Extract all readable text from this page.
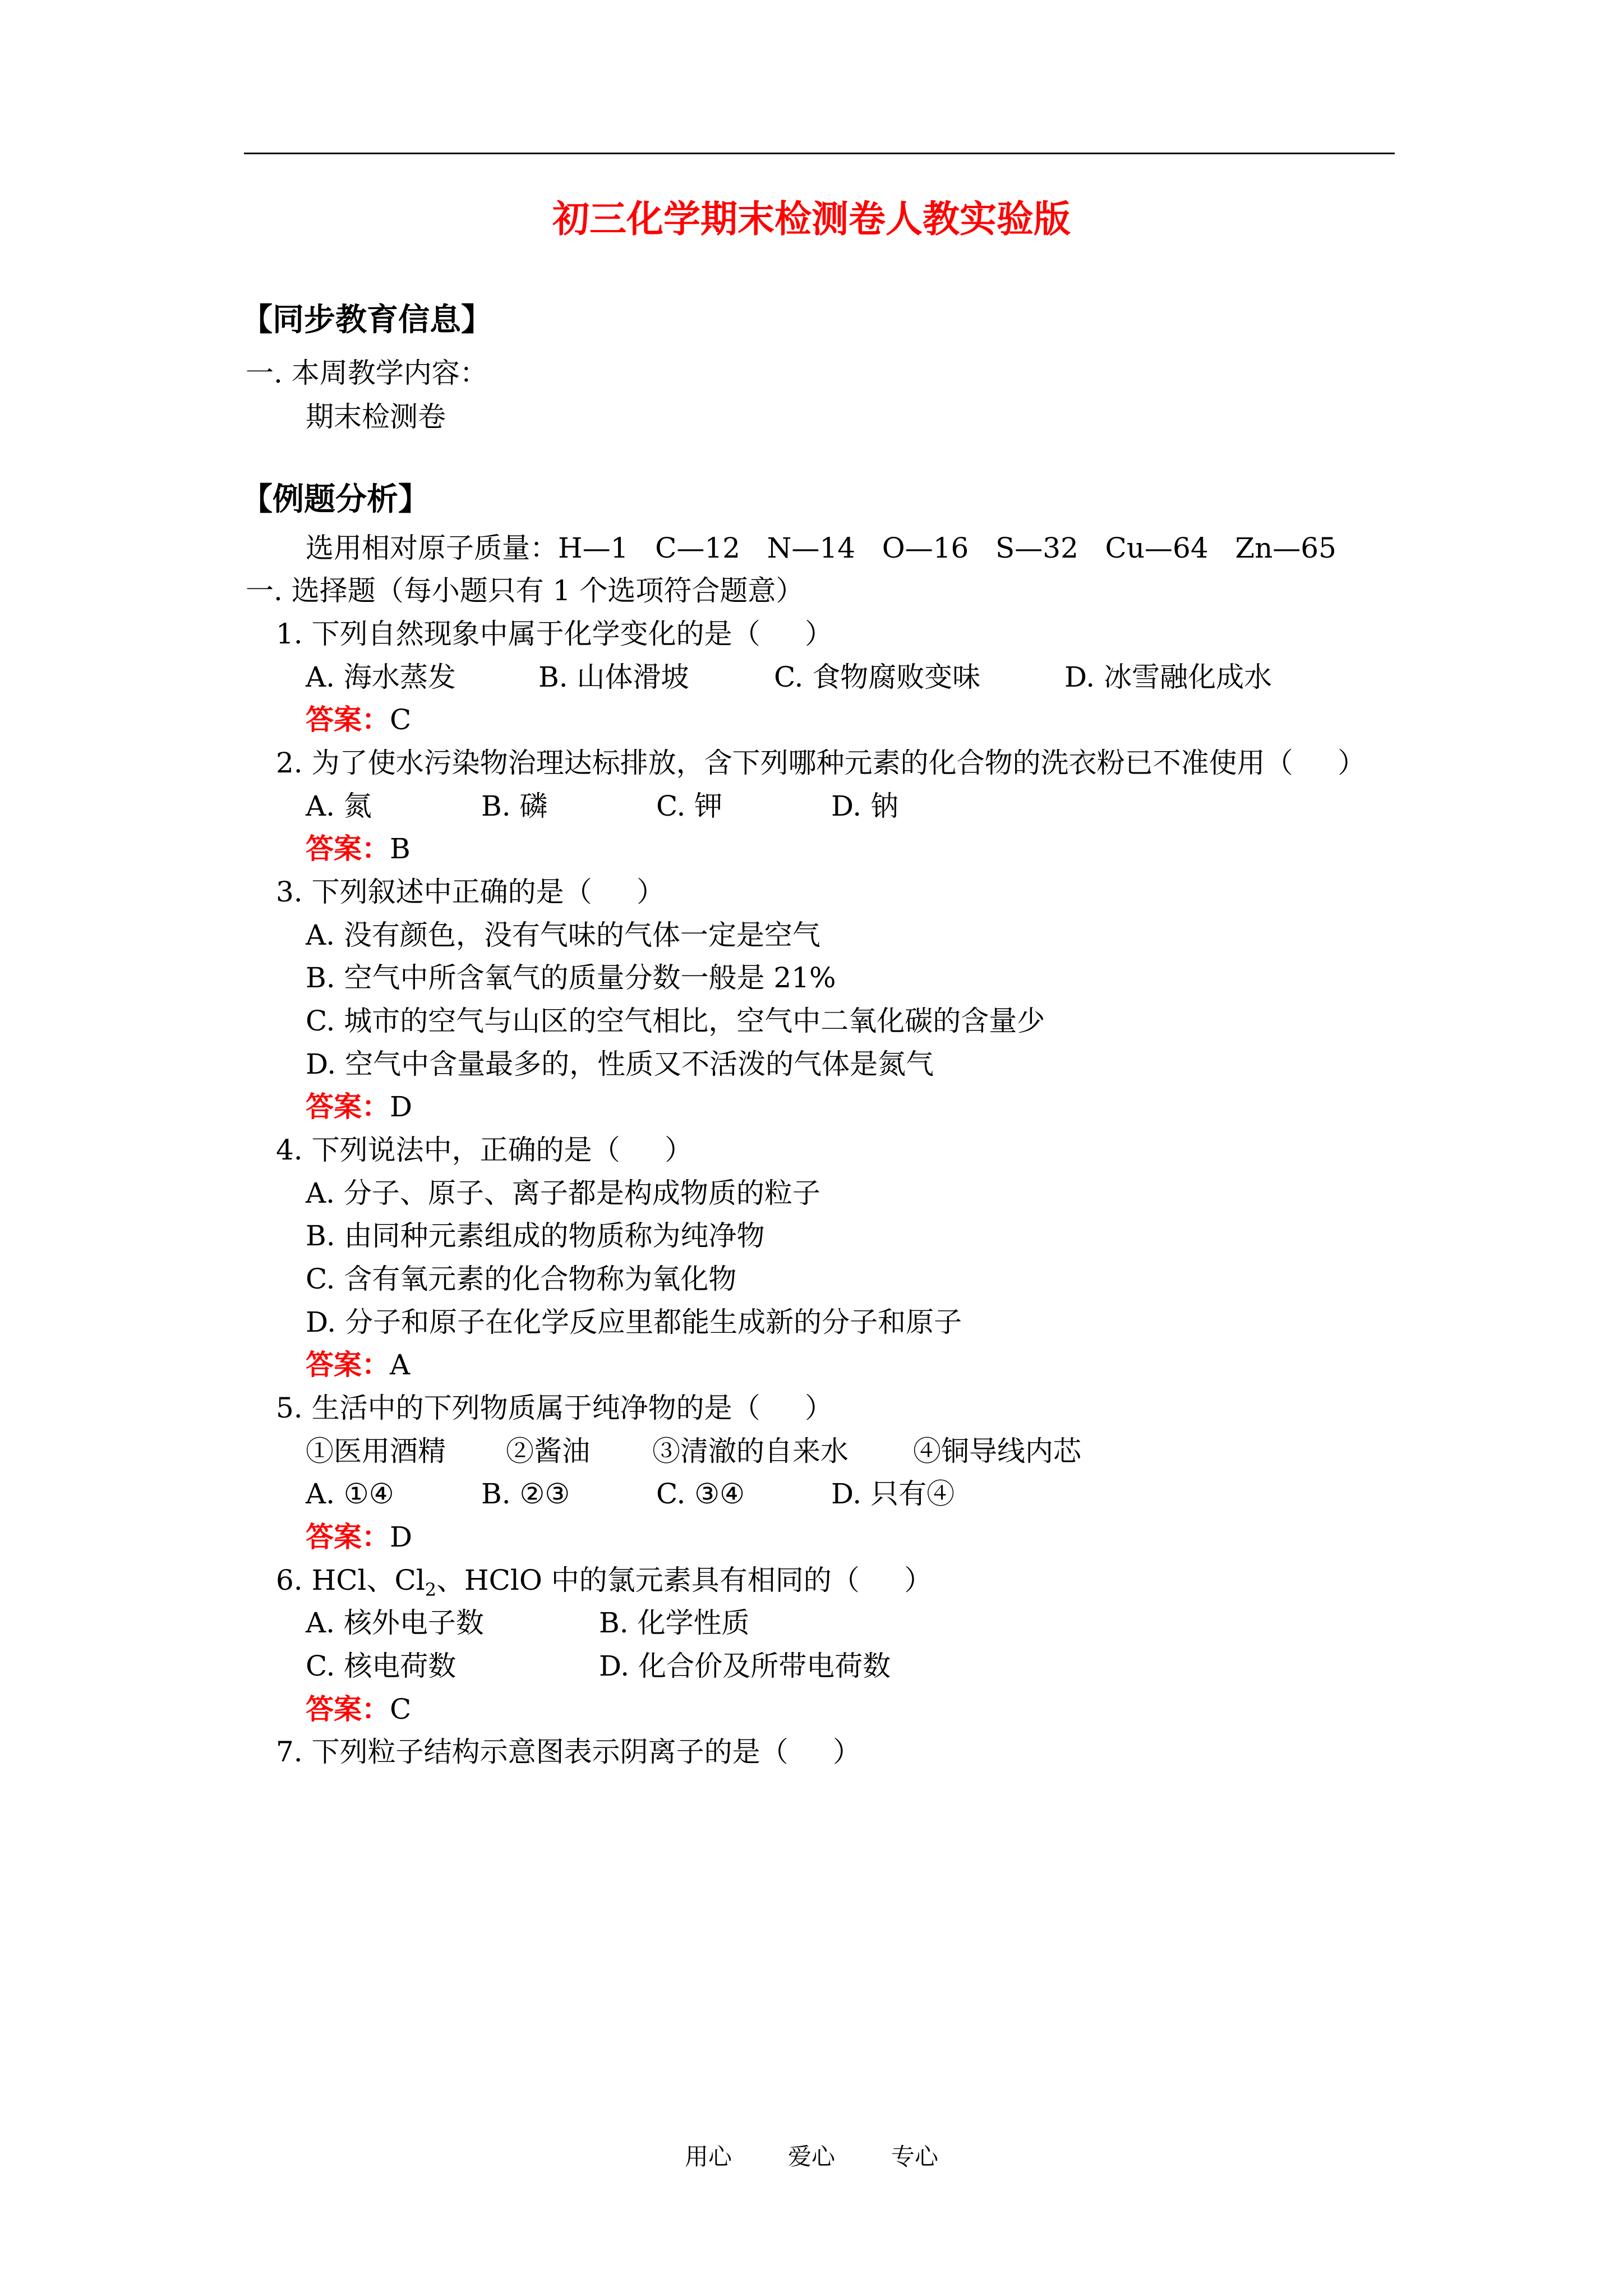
初三化学期末检测卷人教实验版
【同步教育信息】
一. 本周教学内容：
期末检测卷
【例题分析】
选用相对原子质量：H—1   C—12   N—14   O—16   S—32   Cu—64   Zn—65
一. 选择题（每小题只有 1 个选项符合题意）
1. 下列自然现象中属于化学变化的是（     ）
A. 海水蒸发	B. 山体滑坡	C. 食物腐败变味	D. 冰雪融化成水
答案：C
2. 为了使水污染物治理达标排放，含下列哪种元素的化合物的洗衣粉已不准使用（     ）
A. 氮	B. 磷	C. 钾	D. 钠
答案：B
3. 下列叙述中正确的是（     ）
A. 没有颜色，没有气味的气体一定是空气
B. 空气中所含氧气的质量分数一般是 21%
C. 城市的空气与山区的空气相比，空气中二氧化碳的含量少
D. 空气中含量最多的，性质又不活泼的气体是氮气
答案：D
4. 下列说法中，正确的是（     ）
A. 分子、原子、离子都是构成物质的粒子
B. 由同种元素组成的物质称为纯净物
C. 含有氧元素的化合物称为氧化物
D. 分子和原子在化学反应里都能生成新的分子和原子
答案：A
5. 生活中的下列物质属于纯净物的是（     ）
①医用酒精 ②酱油 ③清澈的自来水 ④铜导线内芯
A. ①④	B. ②③	C. ③④	D. 只有④
答案：D
6. HCl、$Cl_2$、HClO 中的氯元素具有相同的（     ）
A. 核外电子数	B. 化学性质
C. 核电荷数	D. 化合价及所带电荷数
答案：C
7. 下列粒子结构示意图表示阴离子的是（     ）
用心   爱心   专心
